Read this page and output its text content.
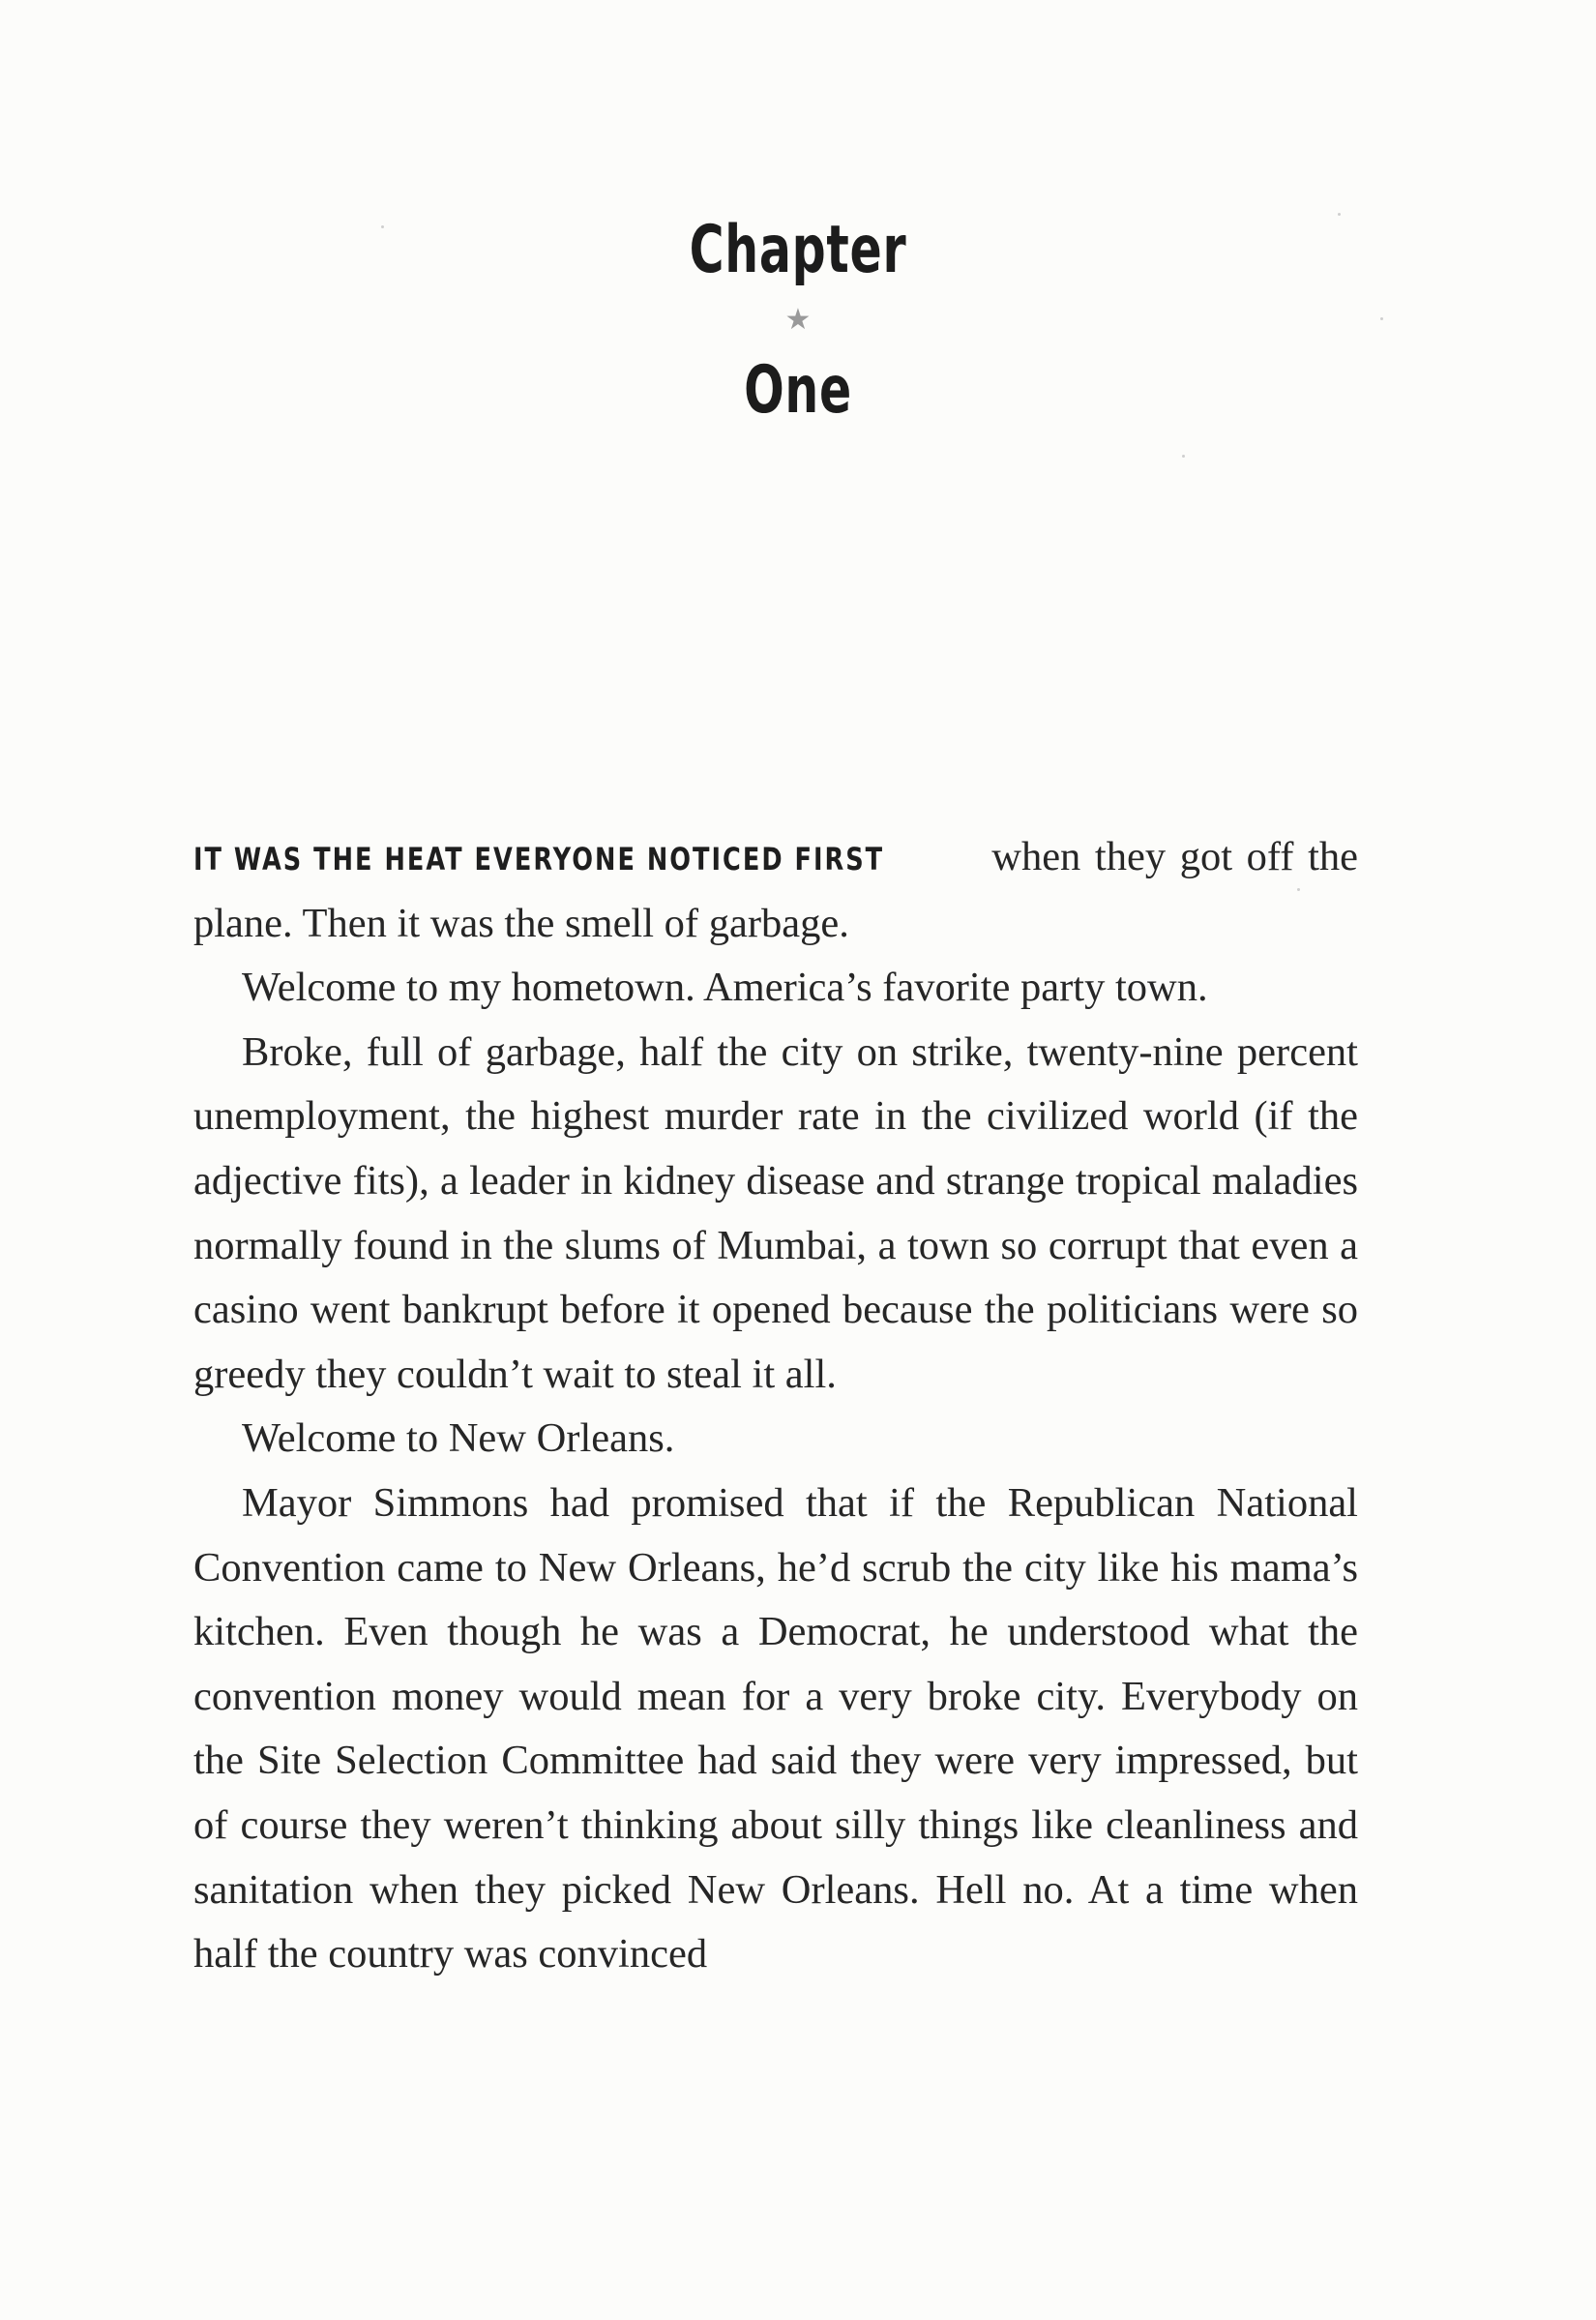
Chapter
★
One

IT WAS THE HEAT EVERYONE NOTICED FIRST when they got off the plane. Then it was the smell of garbage.

Welcome to my hometown. America’s favorite party town.

Broke, full of garbage, half the city on strike, twenty-nine percent unemployment, the highest murder rate in the civilized world (if the adjective fits), a leader in kidney disease and strange tropical maladies normally found in the slums of Mumbai, a town so corrupt that even a casino went bankrupt before it opened because the politicians were so greedy they couldn’t wait to steal it all.

Welcome to New Orleans.

Mayor Simmons had promised that if the Republican National Convention came to New Orleans, he’d scrub the city like his mama’s kitchen. Even though he was a Democrat, he understood what the convention money would mean for a very broke city. Everybody on the Site Selection Committee had said they were very impressed, but of course they weren’t thinking about silly things like cleanliness and sanitation when they picked New Orleans. Hell no. At a time when half the country was convinced
